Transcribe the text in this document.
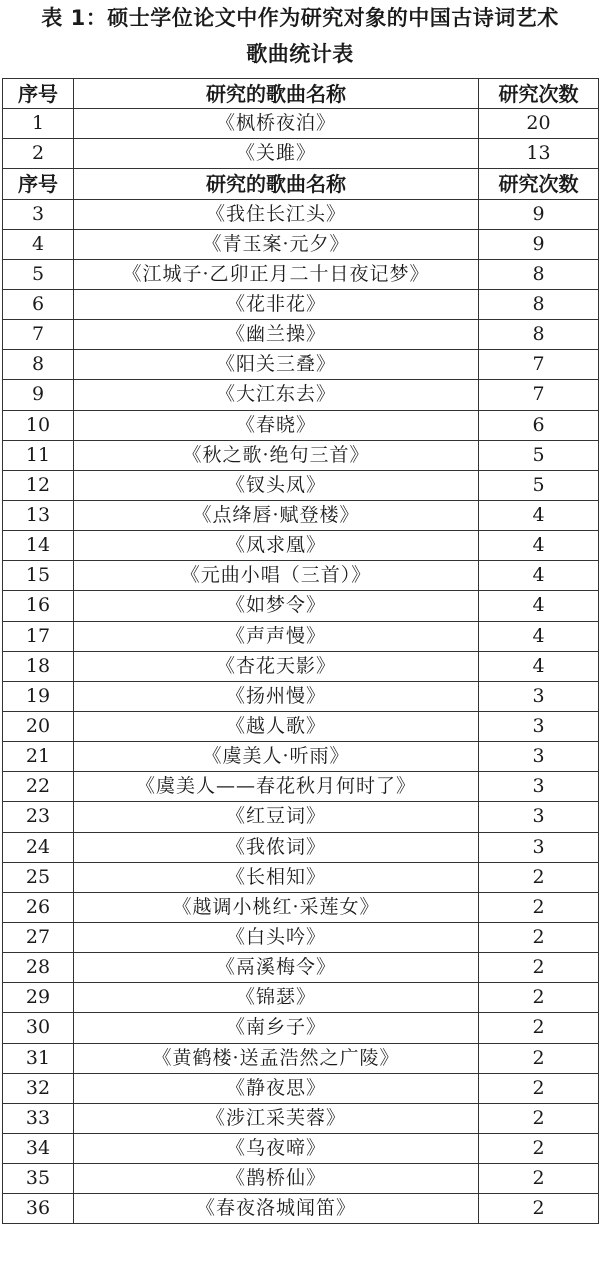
表 1：硕士学位论文中作为研究对象的中国古诗词艺术
歌曲统计表
序号	研究的歌曲名称	研究次数
1	《枫桥夜泊》	20
2	《关雎》	13
序号	研究的歌曲名称	研究次数
3	《我住长江头》	9
4	《青玉案·元夕》	9
5	《江城子·乙卯正月二十日夜记梦》	8
6	《花非花》	8
7	《幽兰操》	8
8	《阳关三叠》	7
9	《大江东去》	7
10	《春晓》	6
11	《秋之歌·绝句三首》	5
12	《钗头凤》	5
13	《点绛唇·赋登楼》	4
14	《凤求凰》	4
15	《元曲小唱（三首）》	4
16	《如梦令》	4
17	《声声慢》	4
18	《杏花天影》	4
19	《扬州慢》	3
20	《越人歌》	3
21	《虞美人·听雨》	3
22	《虞美人——春花秋月何时了》	3
23	《红豆词》	3
24	《我侬词》	3
25	《长相知》	2
26	《越调小桃红·采莲女》	2
27	《白头吟》	2
28	《鬲溪梅令》	2
29	《锦瑟》	2
30	《南乡子》	2
31	《黄鹤楼·送孟浩然之广陵》	2
32	《静夜思》	2
33	《涉江采芙蓉》	2
34	《乌夜啼》	2
35	《鹊桥仙》	2
36	《春夜洛城闻笛》	2
